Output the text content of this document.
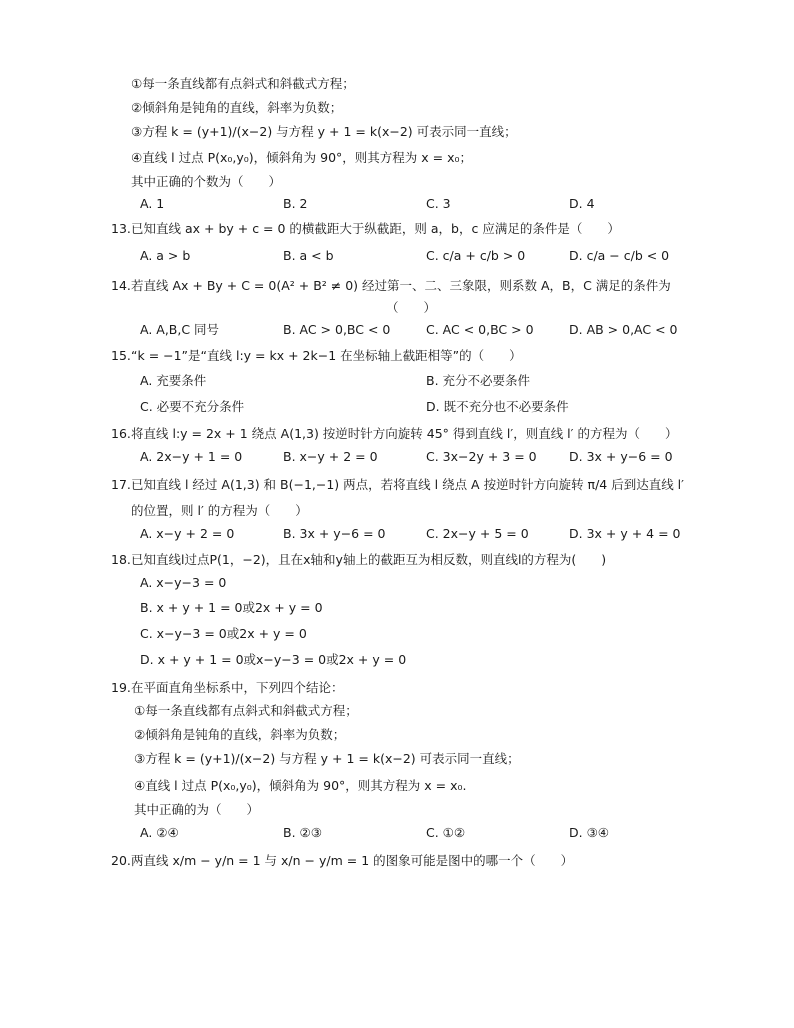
①每一条直线都有点斜式和斜截式方程；
②倾斜角是钝角的直线，斜率为负数；
③方程 k = (y+1)/(x−2) 与方程 y + 1 = k(x−2) 可表示同一直线；
④直线 l 过点 P(x₀,y₀)，倾斜角为 90°，则其方程为 x = x₀；
其中正确的个数为（　　）
A. 1	B. 2	C. 3	D. 4
13. 已知直线 ax + by + c = 0 的横截距大于纵截距，则 a，b，c 应满足的条件是（　　）
A. a > b	B. a < b	C. c/a + c/b > 0	D. c/a − c/b < 0
14. 若直线 Ax + By + C = 0(A² + B² ≠ 0) 经过第一、二、三象限，则系数 A，B，C 满足的条件为
（　　）
A. A,B,C 同号	B. AC > 0,BC < 0	C. AC < 0,BC > 0	D. AB > 0,AC < 0
15. “k = −1”是“直线 l:y = kx + 2k−1 在坐标轴上截距相等”的（　　）
A. 充要条件	B. 充分不必要条件
C. 必要不充分条件	D. 既不充分也不必要条件
16. 将直线 l:y = 2x + 1 绕点 A(1,3) 按逆时针方向旋转 45° 得到直线 l′，则直线 l′ 的方程为（　　）
A. 2x−y + 1 = 0	B. x−y + 2 = 0	C. 3x−2y + 3 = 0	D. 3x + y−6 = 0
17. 已知直线 l 经过 A(1,3) 和 B(−1,−1) 两点，若将直线 l 绕点 A 按逆时针方向旋转 π/4 后到达直线 l′
的位置，则 l′ 的方程为（　　）
A. x−y + 2 = 0	B. 3x + y−6 = 0	C. 2x−y + 5 = 0	D. 3x + y + 4 = 0
18. 已知直线l过点P(1，−2)，且在x轴和y轴上的截距互为相反数，则直线l的方程为(　　)
A. x−y−3 = 0
B. x + y + 1 = 0或2x + y = 0
C. x−y−3 = 0或2x + y = 0
D. x + y + 1 = 0或x−y−3 = 0或2x + y = 0
19. 在平面直角坐标系中，下列四个结论：
①每一条直线都有点斜式和斜截式方程；
②倾斜角是钝角的直线，斜率为负数；
③方程 k = (y+1)/(x−2) 与方程 y + 1 = k(x−2) 可表示同一直线；
④直线 l 过点 P(x₀,y₀)，倾斜角为 90°，则其方程为 x = x₀.
其中正确的为（　　）
A. ②④	B. ②③	C. ①②	D. ③④
20. 两直线 x/m − y/n = 1 与 x/n − y/m = 1 的图象可能是图中的哪一个（　　）
